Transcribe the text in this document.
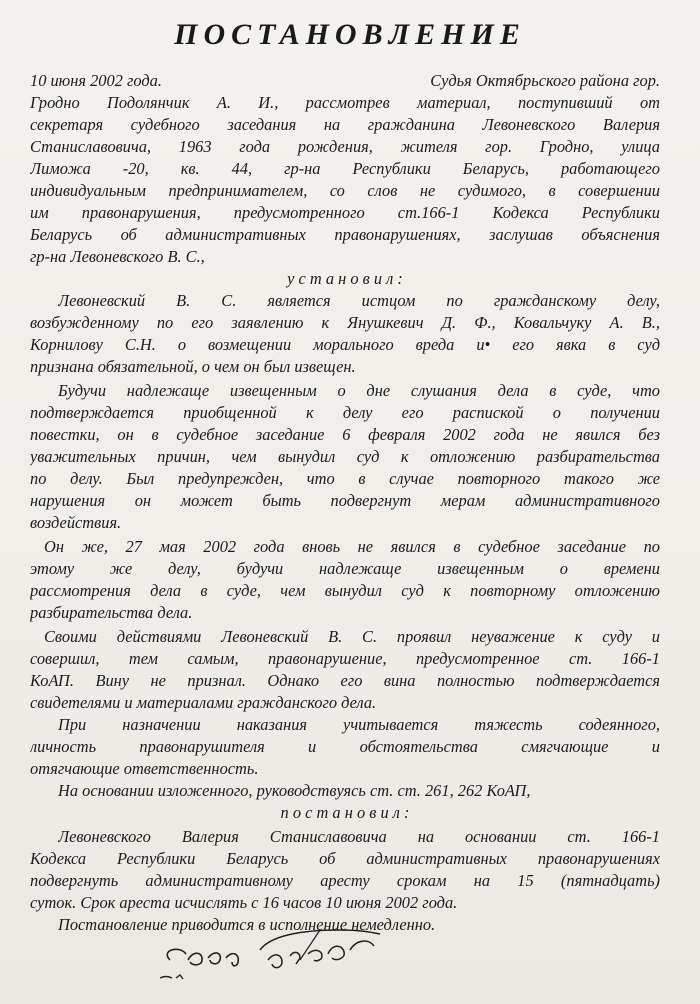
ПОСТАНОВЛЕНИЕ
10 июня 2002 года.	Судья Октябрьского района гор.
Гродно Подолянчик А. И., рассмотрев материал, поступивший от
секретаря судебного заседания на гражданина Левоневского Валерия
Станиславовича, 1963 года рождения, жителя гор. Гродно, улица
Лиможа -20, кв. 44, гр-на Республики Беларусь, работающего
индивидуальным предпринимателем, со слов не судимого, в совершении
им правонарушения, предусмотренного ст.166-1 Кодекса Республики
Беларусь об административных правонарушениях, заслушав объяснения
гр-на Левоневского В. С.,
у с т а н о в и л :
Левоневский В. С. является истцом по гражданскому делу,
возбужденному по его заявлению к Янушкевич Д. Ф., Ковальчуку А. В.,
Корнилову С.Н. о возмещении морального вреда и• его явка в суд
признана обязательной, о чем он был извещен.
Будучи надлежаще извещенным о дне слушания дела в суде, что
подтверждается приобщенной к делу его распиской о получении
повестки, он в судебное заседание 6 февраля 2002 года не явился без
уважительных причин, чем вынудил суд к отложению разбирательства
по делу. Был предупрежден, что в случае повторного такого же
нарушения он может быть подвергнут мерам административного
воздействия.
Он же, 27 мая 2002 года вновь не явился в судебное заседание по
этому же делу, будучи надлежаще извещенным о времени
рассмотрения дела в суде, чем вынудил суд к повторному отложению
разбирательства дела.
Своими действиями Левоневский В. С. проявил неуважение к суду и
совершил, тем самым, правонарушение, предусмотренное ст. 166-1
КоАП. Вину не признал. Однако его вина полностью подтверждается
свидетелями и материалами гражданского дела.
При назначении наказания учитывается тяжесть содеянного,
личность правонарушителя и обстоятельства смягчающие и
отягчающие ответственность.
На основании изложенного, руководствуясь ст. ст. 261, 262 КоАП,
п о с т а н о в и л :
Левоневского Валерия Станиславовича на основании ст. 166-1
Кодекса Республики Беларусь об административных правонарушениях
подвергнуть административному аресту срокам на 15 (пятнадцать)
суток. Срок ареста исчислять с 16 часов 10 июня 2002 года.
Постановление приводится в исполнение немедленно.
